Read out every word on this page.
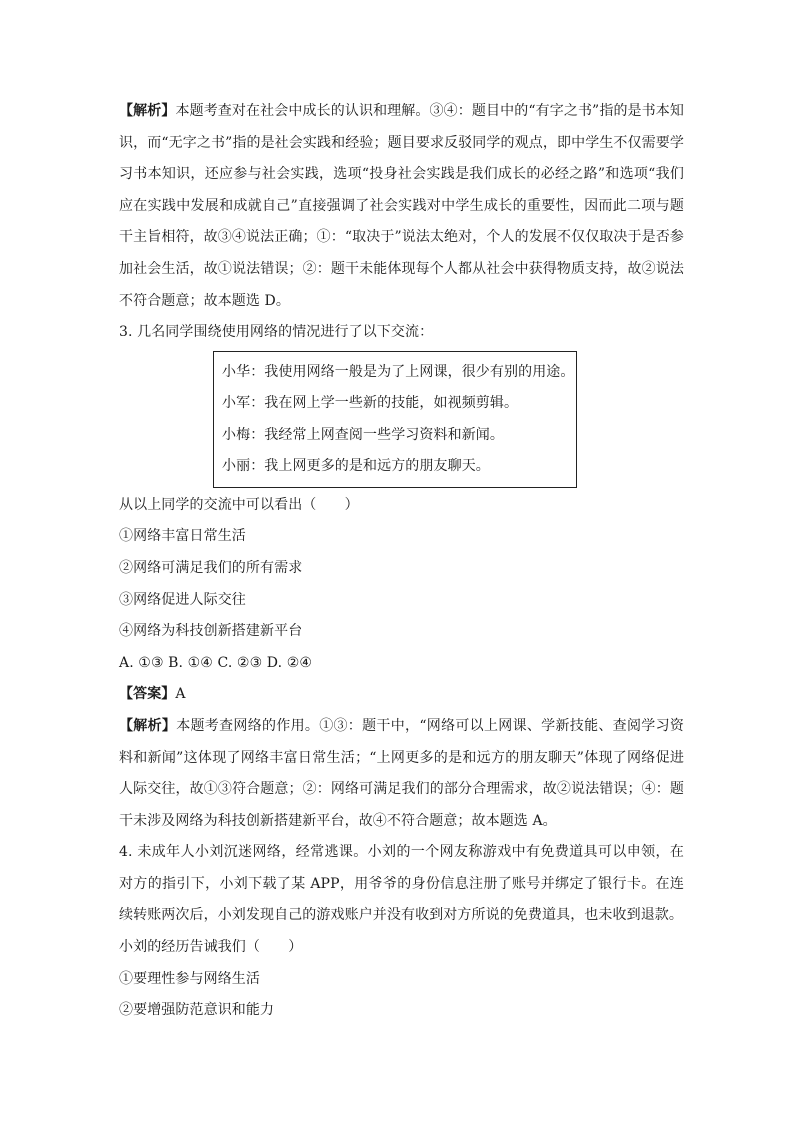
【解析】本题考查对在社会中成长的认识和理解。③④：题目中的“有字之书”指的是书本知
识，而“无字之书”指的是社会实践和经验；题目要求反驳同学的观点，即中学生不仅需要学
习书本知识，还应参与社会实践，选项“投身社会实践是我们成长的必经之路”和选项“我们
应在实践中发展和成就自己”直接强调了社会实践对中学生成长的重要性，因而此二项与题
干主旨相符，故③④说法正确；①：“取决于”说法太绝对，个人的发展不仅仅取决于是否参
加社会生活，故①说法错误；②：题干未能体现每个人都从社会中获得物质支持，故②说法
不符合题意；故本题选 D。
3. 几名同学围绕使用网络的情况进行了以下交流：
小华：我使用网络一般是为了上网课，很少有别的用途。
小军：我在网上学一些新的技能，如视频剪辑。
小梅：我经常上网查阅一些学习资料和新闻。
小丽：我上网更多的是和远方的朋友聊天。
从以上同学的交流中可以看出（　　）
①网络丰富日常生活
②网络可满足我们的所有需求
③网络促进人际交往
④网络为科技创新搭建新平台
A. ①③ B. ①④ C. ②③ D. ②④
【答案】A
【解析】本题考查网络的作用。①③：题干中，“网络可以上网课、学新技能、查阅学习资
料和新闻”这体现了网络丰富日常生活；“上网更多的是和远方的朋友聊天”体现了网络促进
人际交往，故①③符合题意；②：网络可满足我们的部分合理需求，故②说法错误；④：题
干未涉及网络为科技创新搭建新平台，故④不符合题意；故本题选 A。
4. 未成年人小刘沉迷网络，经常逃课。小刘的一个网友称游戏中有免费道具可以申领，在
对方的指引下，小刘下载了某 APP，用爷爷的身份信息注册了账号并绑定了银行卡。在连
续转账两次后，小刘发现自己的游戏账户并没有收到对方所说的免费道具，也未收到退款。
小刘的经历告诫我们（　　）
①要理性参与网络生活
②要增强防范意识和能力
